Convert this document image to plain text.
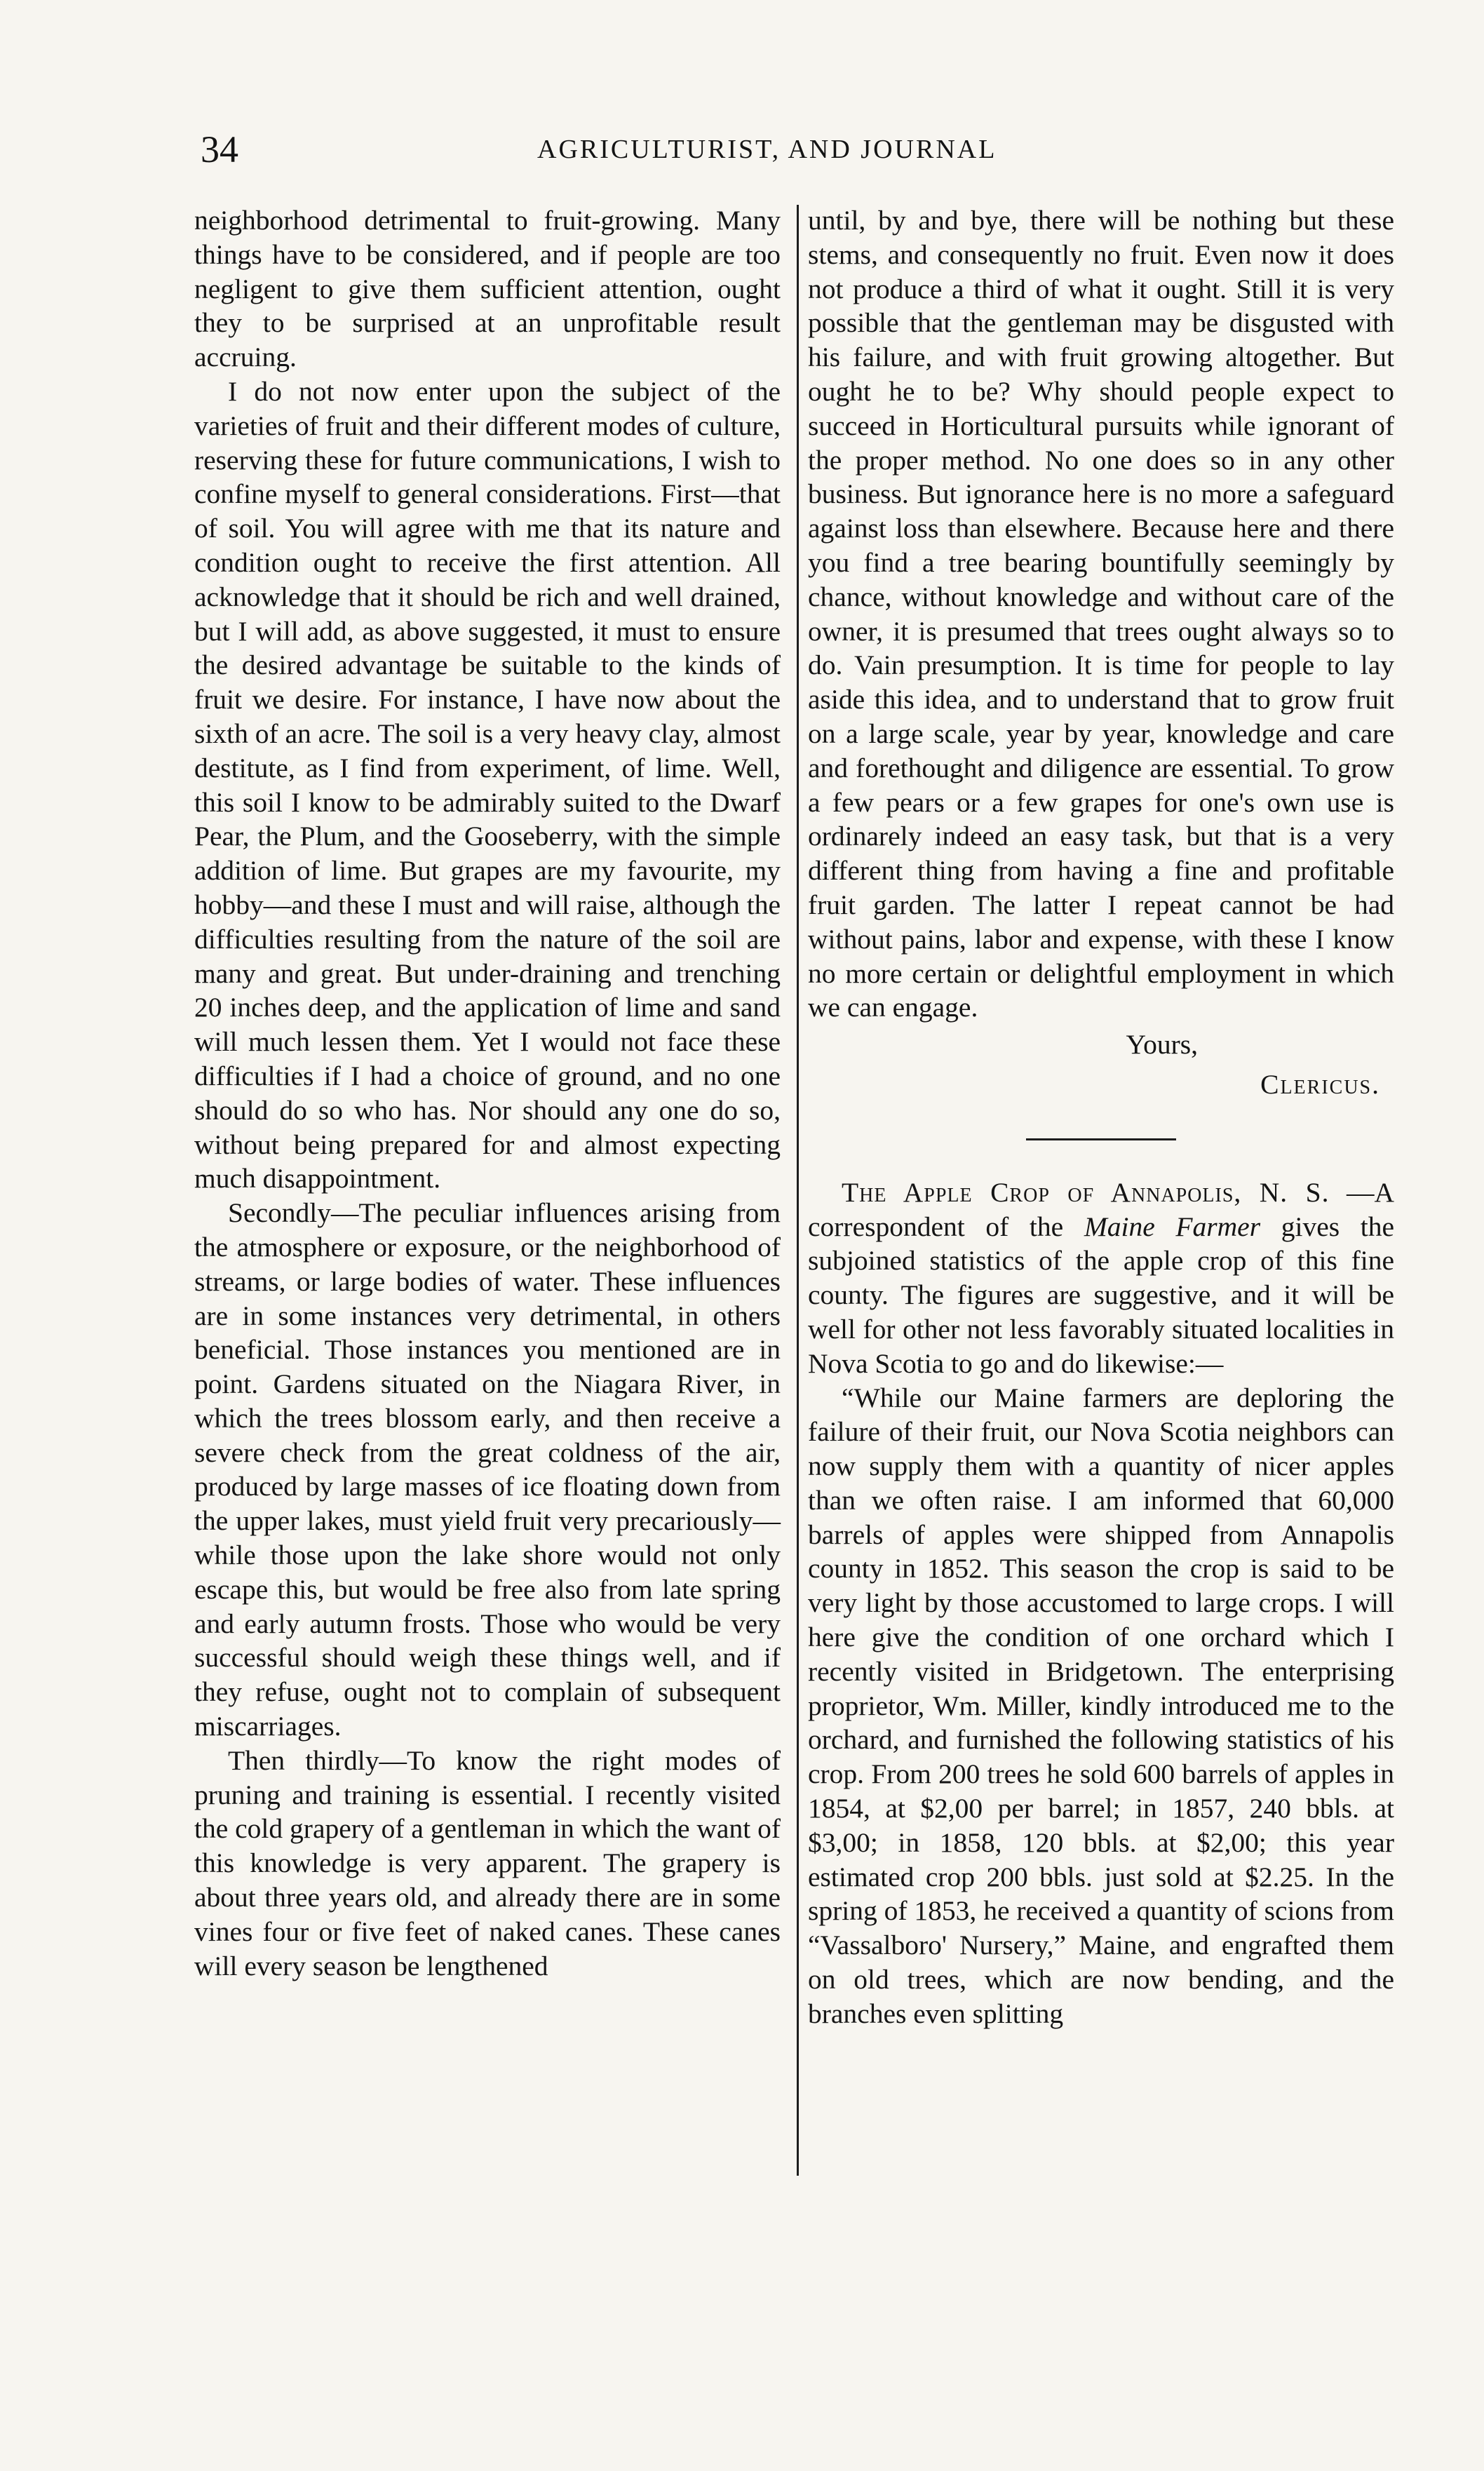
34	AGRICULTURIST, AND JOURNAL

neighborhood detrimental to fruit-growing. Many things have to be considered, and if people are too negligent to give them sufficient attention, ought they to be surprised at an unprofitable result accruing.

I do not now enter upon the subject of the varieties of fruit and their different modes of culture, reserving these for future communications, I wish to confine myself to general considerations. First—that of soil. You will agree with me that its nature and condition ought to receive the first attention. All acknowledge that it should be rich and well drained, but I will add, as above suggested, it must to ensure the desired advantage be suitable to the kinds of fruit we desire. For instance, I have now about the sixth of an acre. The soil is a very heavy clay, almost destitute, as I find from experiment, of lime. Well, this soil I know to be admirably suited to the Dwarf Pear, the Plum, and the Gooseberry, with the simple addition of lime. But grapes are my favourite, my hobby—and these I must and will raise, although the difficulties resulting from the nature of the soil are many and great. But under-draining and trenching 20 inches deep, and the application of lime and sand will much lessen them. Yet I would not face these difficulties if I had a choice of ground, and no one should do so who has. Nor should any one do so, without being prepared for and almost expecting much disappointment.

Secondly—The peculiar influences arising from the atmosphere or exposure, or the neighborhood of streams, or large bodies of water. These influences are in some instances very detrimental, in others beneficial. Those instances you mentioned are in point. Gardens situated on the Niagara River, in which the trees blossom early, and then receive a severe check from the great coldness of the air, produced by large masses of ice floating down from the upper lakes, must yield fruit very precariously—while those upon the lake shore would not only escape this, but would be free also from late spring and early autumn frosts. Those who would be very successful should weigh these things well, and if they refuse, ought not to complain of subsequent miscarriages.

Then thirdly—To know the right modes of pruning and training is essential. I recently visited the cold grapery of a gentleman in which the want of this knowledge is very apparent. The grapery is about three years old, and already there are in some vines four or five feet of naked canes. These canes will every season be lengthened

until, by and bye, there will be nothing but these stems, and consequently no fruit. Even now it does not produce a third of what it ought. Still it is very possible that the gentleman may be disgusted with his failure, and with fruit growing altogether. But ought he to be? Why should people expect to succeed in Horticultural pursuits while ignorant of the proper method. No one does so in any other business. But ignorance here is no more a safeguard against loss than elsewhere. Because here and there you find a tree bearing bountifully seemingly by chance, without knowledge and without care of the owner, it is presumed that trees ought always so to do. Vain presumption. It is time for people to lay aside this idea, and to understand that to grow fruit on a large scale, year by year, knowledge and care and forethought and diligence are essential. To grow a few pears or a few grapes for one's own use is ordinarely indeed an easy task, but that is a very different thing from having a fine and profitable fruit garden. The latter I repeat cannot be had without pains, labor and expense, with these I know no more certain or delightful employment in which we can engage.

Yours,
Clericus.

The Apple Crop of Annapolis, N. S. —A correspondent of the Maine Farmer gives the subjoined statistics of the apple crop of this fine county. The figures are suggestive, and it will be well for other not less favorably situated localities in Nova Scotia to go and do likewise:—

“While our Maine farmers are deploring the failure of their fruit, our Nova Scotia neighbors can now supply them with a quantity of nicer apples than we often raise. I am informed that 60,000 barrels of apples were shipped from Annapolis county in 1852. This season the crop is said to be very light by those accustomed to large crops. I will here give the condition of one orchard which I recently visited in Bridgetown. The enterprising proprietor, Wm. Miller, kindly introduced me to the orchard, and furnished the following statistics of his crop. From 200 trees he sold 600 barrels of apples in 1854, at $2,00 per barrel; in 1857, 240 bbls. at $3,00; in 1858, 120 bbls. at $2,00; this year estimated crop 200 bbls. just sold at $2.25. In the spring of 1853, he received a quantity of scions from “Vassalboro' Nursery,” Maine, and engrafted them on old trees, which are now bending, and the branches even splitting
